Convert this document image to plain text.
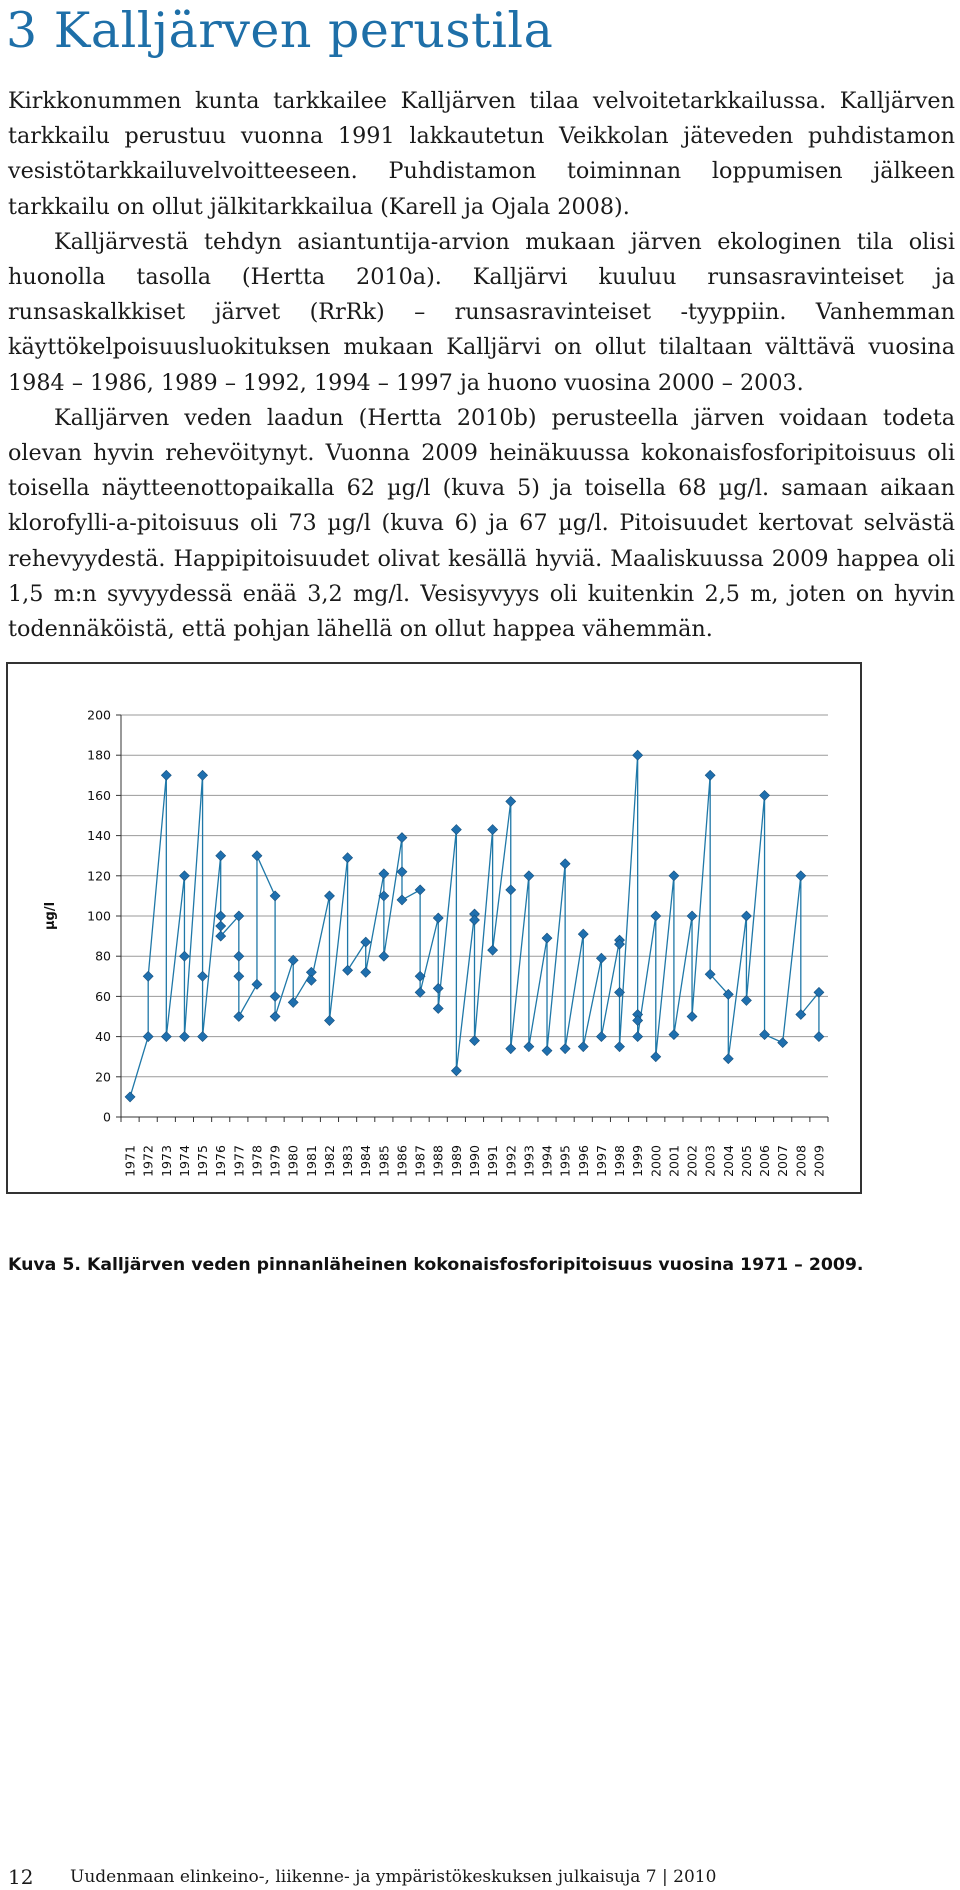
3 Kalljärven perustila

Kirkkonummen kunta tarkkailee Kalljärven tilaa velvoitetarkkailussa. Kalljärven tarkkailu perustuu vuonna 1991 lakkautetun Veikkolan jäteveden puhdistamon vesistötarkkailuvelvoitteeseen. Puhdistamon toiminnan loppumisen jälkeen tarkkailu on ollut jälkitarkkailua (Karell ja Ojala 2008).

Kalljärvestä tehdyn asiantuntija-arvion mukaan järven ekologinen tila olisi huonolla tasolla (Hertta 2010a). Kalljärvi kuuluu runsasravinteiset ja runsaskalkkiset järvet (RrRk) – runsasravinteiset -tyyppiin. Vanhemman käyttökelpoisuusluokituksen mukaan Kalljärvi on ollut tilaltaan välttävä vuosina 1984 – 1986, 1989 – 1992, 1994 – 1997 ja huono vuosina 2000 – 2003.

Kalljärven veden laadun (Hertta 2010b) perusteella järven voidaan todeta olevan hyvin rehevöitynyt. Vuonna 2009 heinäkuussa kokonaisfosforipitoisuus oli toisella näytteenottopaikalla 62 µg/l (kuva 5) ja toisella 68 µg/l. samaan aikaan klorofylli-a-pitoisuus oli 73 µg/l (kuva 6) ja 67 µg/l. Pitoisuudet kertovat selvästä rehevyydestä. Happipitoisuudet olivat kesällä hyviä. Maaliskuussa 2009 happea oli 1,5 m:n syvyydessä enää 3,2 mg/l. Vesisyvyys oli kuitenkin 2,5 m, joten on hyvin todennäköistä, että pohjan lähellä on ollut happea vähemmän.

0
20
40
60
80
100
120
140
160
180
200
1971 1972 1973 1974 1975 1976 1977 1978 1979 1980 1981 1982 1983 1984 1985 1986 1987 1988 1989 1990 1991 1992 1993 1994 1995 1996 1997 1998 1999 2000 2001 2002 2003 2004 2005 2006 2007 2008 2009
µg/l

Kuva 5. Kalljärven veden pinnanläheinen kokonaisfosforipitoisuus vuosina 1971 – 2009.

12 Uudenmaan elinkeino-, liikenne- ja ympäristökeskuksen julkaisuja 7 | 2010
